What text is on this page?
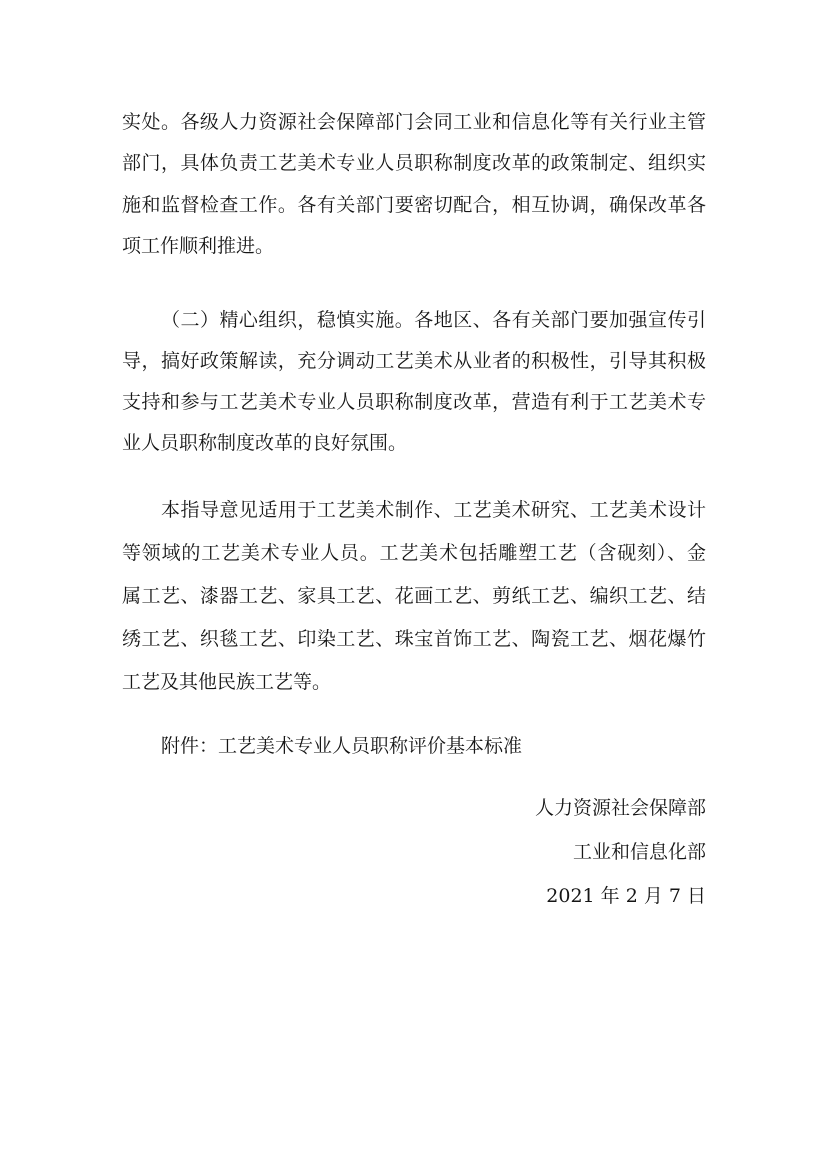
实处。各级人力资源社会保障部门会同工业和信息化等有关行业主管
部门，具体负责工艺美术专业人员职称制度改革的政策制定、组织实
施和监督检查工作。各有关部门要密切配合，相互协调，确保改革各
项工作顺利推进。
（二）精心组织，稳慎实施。各地区、各有关部门要加强宣传引
导，搞好政策解读，充分调动工艺美术从业者的积极性，引导其积极
支持和参与工艺美术专业人员职称制度改革，营造有利于工艺美术专
业人员职称制度改革的良好氛围。
本指导意见适用于工艺美术制作、工艺美术研究、工艺美术设计
等领域的工艺美术专业人员。工艺美术包括雕塑工艺（含砚刻）、金
属工艺、漆器工艺、家具工艺、花画工艺、剪纸工艺、编织工艺、结
绣工艺、织毯工艺、印染工艺、珠宝首饰工艺、陶瓷工艺、烟花爆竹
工艺及其他民族工艺等。
附件：工艺美术专业人员职称评价基本标准
人力资源社会保障部
工业和信息化部
2021 年 2 月 7 日
